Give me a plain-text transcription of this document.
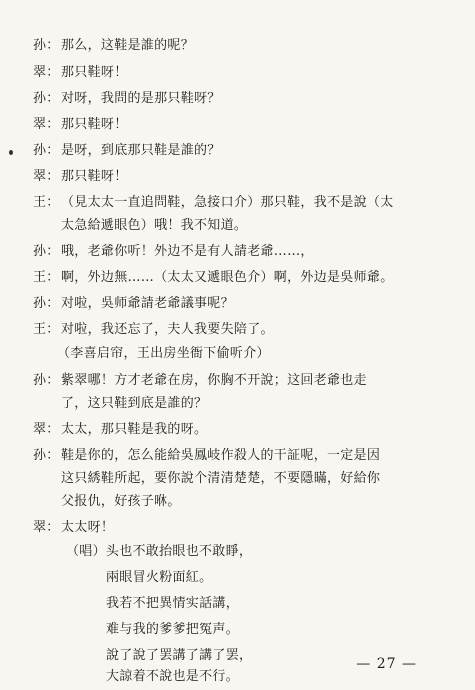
孙：那么，这鞋是誰的呢？
翠：那只鞋呀！
孙：对呀，我問的是那只鞋呀？
翠：那只鞋呀！
孙：是呀，到底那只鞋是誰的？
翠：那只鞋呀！
王：（見太太一直追問鞋，急接口介）那只鞋，我不是說（太
太急給遞眼色）哦！我不知道。
孙：哦，老爺你听！外边不是有人請老爺……，
王：啊，外边無……（太太又遞眼色介）啊，外边是吳师爺。
孙：对啦，吳师爺請老爺議事呢？
王：对啦，我还忘了，夫人我要失陪了。
（李喜启帘，王出房坐衙下偷听介）
孙：紫翠哪！方才老爺在房，你胸不开說；这回老爺也走
了，这只鞋到底是誰的？
翠：太太，那只鞋是我的呀。
孙：鞋是你的，怎么能給吳鳳岐作殺人的干証呢，一定是因
这只綉鞋所起，要你說个清清楚楚，不要隱瞞，好給你
父报仇，好孩子咻。
翠：太太呀！
（唱）头也不敢抬眼也不敢睜，
兩眼冒火粉面紅。
我若不把異情实話講，
难与我的爹爹把冤声。
說了說了罢講了講了罢，
大諒着不說也是不行。
— 27 —
